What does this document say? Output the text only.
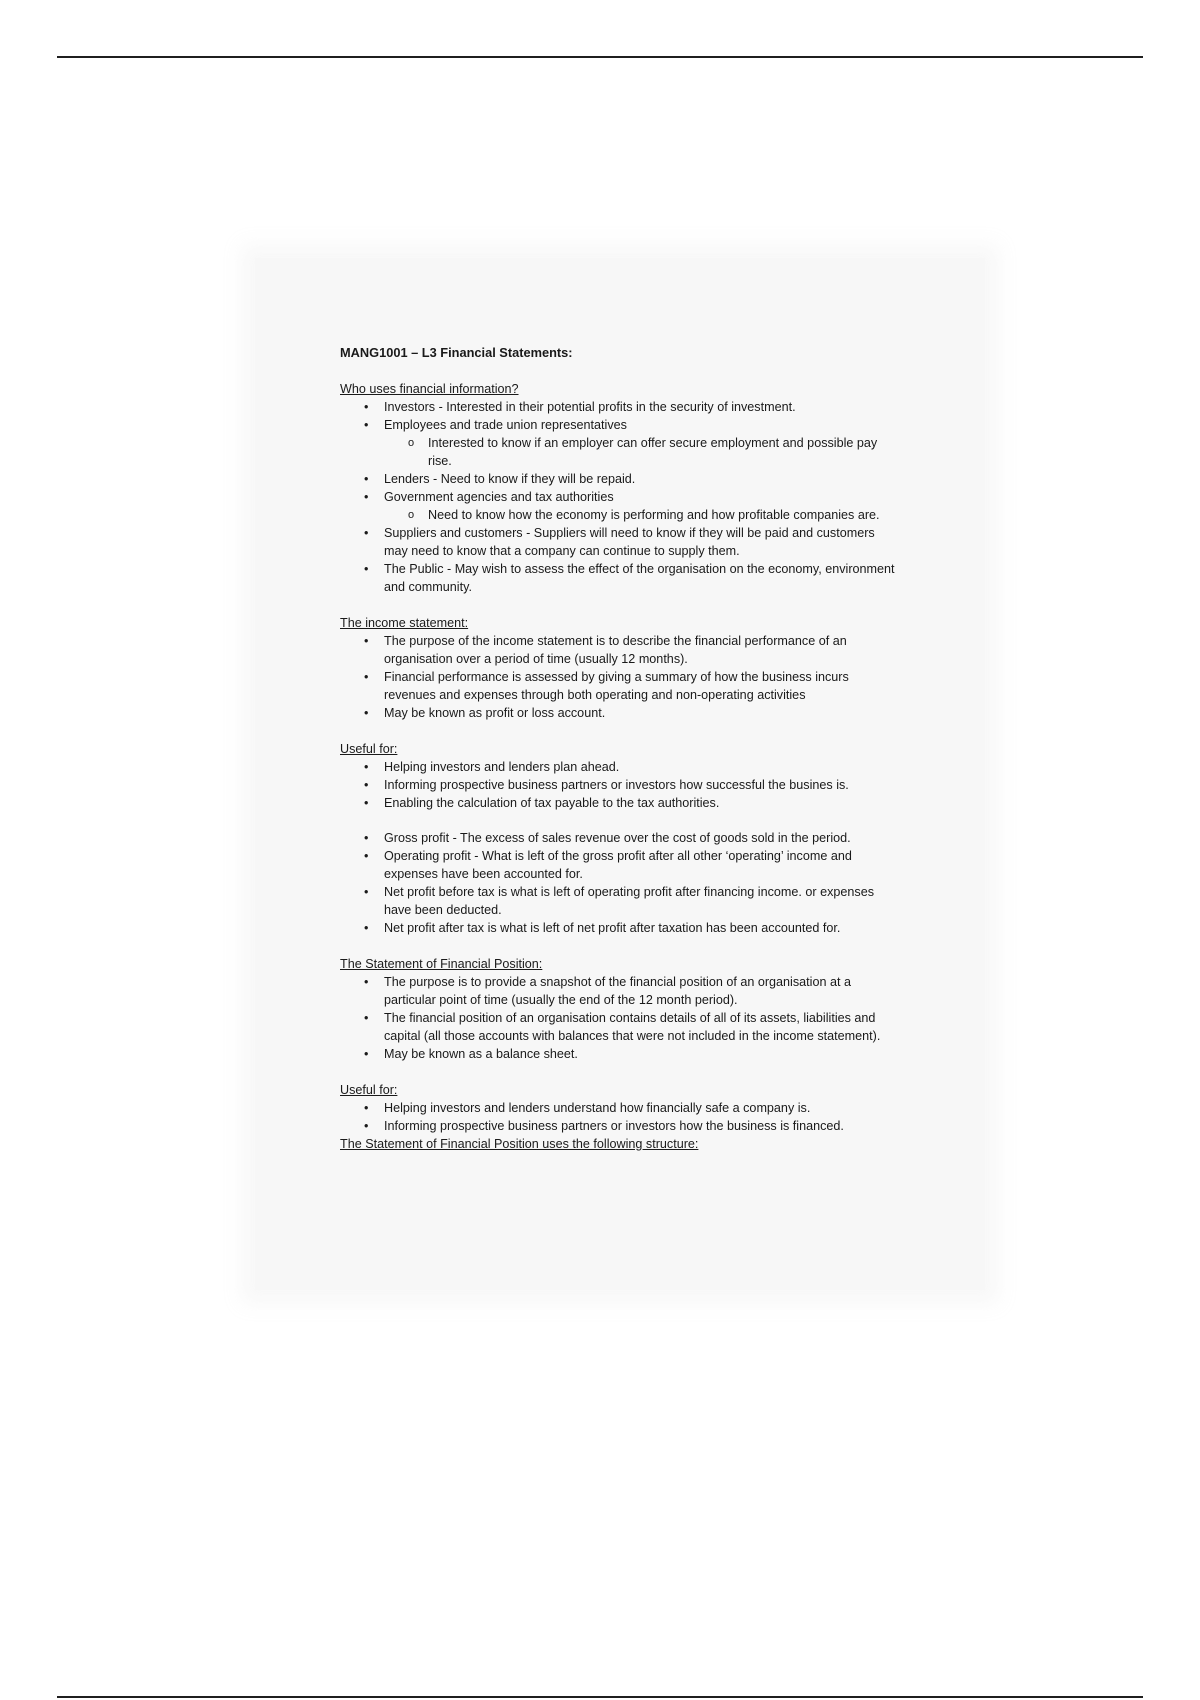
MANG1001 – L3 Financial Statements:

Who uses financial information?

• Investors - Interested in their potential profits in the security of investment.
• Employees and trade union representatives
o Interested to know if an employer can offer secure employment and possible pay rise.
• Lenders - Need to know if they will be repaid.
• Government agencies and tax authorities
o Need to know how the economy is performing and how profitable companies are.
• Suppliers and customers - Suppliers will need to know if they will be paid and customers may need to know that a company can continue to supply them.
• The Public - May wish to assess the effect of the organisation on the economy, environment and community.

The income statement:

• The purpose of the income statement is to describe the financial performance of an organisation over a period of time (usually 12 months).
• Financial performance is assessed by giving a summary of how the business incurs revenues and expenses through both operating and non-operating activities
• May be known as profit or loss account.

Useful for:

• Helping investors and lenders plan ahead.
• Informing prospective business partners or investors how successful the busines is.
• Enabling the calculation of tax payable to the tax authorities.
• Gross profit - The excess of sales revenue over the cost of goods sold in the period.
• Operating profit - What is left of the gross profit after all other ‘operating’ income and expenses have been accounted for.
• Net profit before tax is what is left of operating profit after financing income. or expenses have been deducted.
• Net profit after tax is what is left of net profit after taxation has been accounted for.

The Statement of Financial Position:

• The purpose is to provide a snapshot of the financial position of an organisation at a particular point of time (usually the end of the 12 month period).
• The financial position of an organisation contains details of all of its assets, liabilities and capital (all those accounts with balances that were not included in the income statement).
• May be known as a balance sheet.

Useful for:

• Helping investors and lenders understand how financially safe a company is.
• Informing prospective business partners or investors how the business is financed.

The Statement of Financial Position uses the following structure:
